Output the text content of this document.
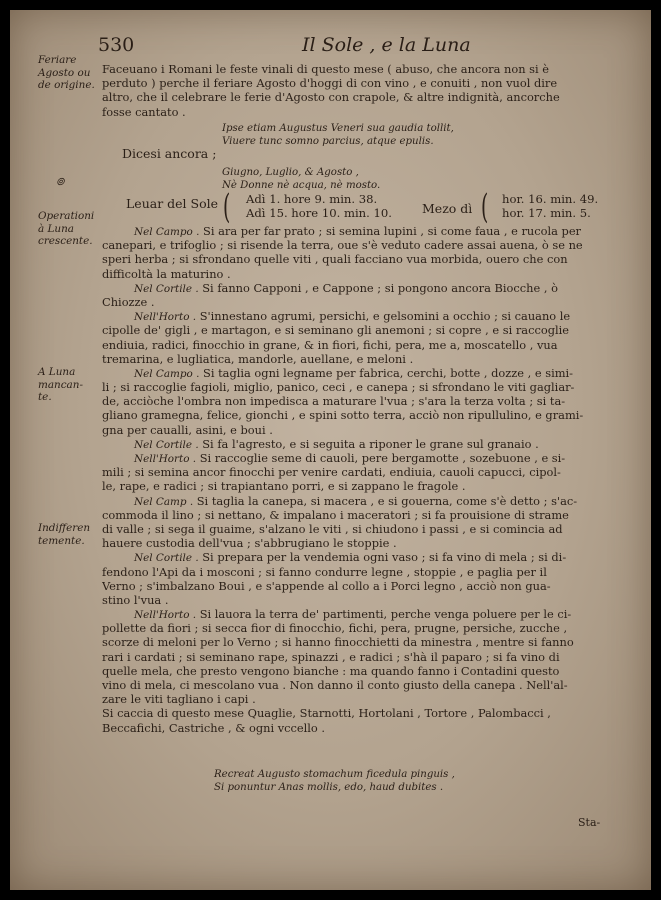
530	Il Sole , e la Luna
Feriare
Agosto ou
de origine.
๏
Operationi
à Luna
crescente.
A Luna
mancan-
te.
Indifferen
temente.
Faceuano i Romani le feste vinali di questo mese ( abuso, che ancora non si è
perduto ) perche il feriare Agosto d'hoggi di con vino , e conuiti , non vuol dire
altro, che il celebrare le ferie d'Agosto con crapole, & altre indignità, ancorche
fosse cantato .
Ipse etiam Augustus Veneri sua gaudia tollit,
Viuere tunc somno parcius, atque epulis.
Dicesi ancora ;
Giugno, Luglio, & Agosto ,
Nè Donne nè acqua, nè mosto.
Leuar del Sole ( Adì 1. hore 9. min. 38.
Adì 15. hore 10. min. 10. Mezo dì ( hor. 16. min. 49.
hor. 17. min. 5.
Nel Campo . Si ara per far prato ; si semina lupini , si come faua , e rucola per
canepari, e trifoglio ; si risende la terra, oue s'è veduto cadere assai auena, ò se ne
speri herba ; si sfrondano quelle viti , quali facciano vua morbida, ouero che con
difficoltà la maturino .
Nel Cortile . Si fanno Capponi , e Cappone ; si pongono ancora Biocche , ò
Chiozze .
Nell'Horto . S'innestano agrumi, persichi, e gelsomini a occhio ; si cauano le
cipolle de' gigli , e martagon, e si seminano gli anemoni ; si copre , e si raccoglie
endiuia, radici, finocchio in grane, & in fiori, fichi, pera, me a, moscatello , vua
tremarina, e lugliatica, mandorle, auellane, e meloni .
Nel Campo . Si taglia ogni legname per fabrica, cerchi, botte , dozze , e simi-
li ; si raccoglie fagioli, miglio, panico, ceci , e canepa ; si sfrondano le viti gagliar-
de, acciòche l'ombra non impedisca a maturare l'vua ; s'ara la terza volta ; si ta-
gliano gramegna, felice, gionchi , e spini sotto terra, acciò non ripullulino, e grami-
gna per caualli, asini, e boui .
Nel Cortile . Si fa l'agresto, e si seguita a riponer le grane sul granaio .
Nell'Horto . Si raccoglie seme di cauoli, pere bergamotte , sozebuone , e si-
mili ; si semina ancor finocchi per venire cardati, endiuia, cauoli capucci, cipol-
le, rape, e radici ; si trapiantano porri, e si zappano le fragole .
Nel Camp . Si taglia la canepa, si macera , e si gouerna, come s'è detto ; s'ac-
commoda il lino ; si nettano, & impalano i maceratori ; si fa prouisione di strame
di valle ; si sega il guaime, s'alzano le viti , si chiudono i passi , e si comincia ad
hauere custodia dell'vua ; s'abbrugiano le stoppie .
Nel Cortile . Si prepara per la vendemia ogni vaso ; si fa vino di mela ; si di-
fendono l'Api da i mosconi ; si fanno condurre legne , stoppie , e paglia per il
Verno ; s'imbalzano Boui , e s'appende al collo a i Porci legno , acciò non gua-
stino l'vua .
Nell'Horto . Si lauora la terra de' partimenti, perche venga poluere per le ci-
pollette da fiori ; si secca fior di finocchio, fichi, pera, prugne, persiche, zucche ,
scorze di meloni per lo Verno ; si hanno finocchietti da minestra , mentre si fanno
rari i cardati ; si seminano rape, spinazzi , e radici ; s'hà il paparo ; si fa vino di
quelle mela, che presto vengono bianche : ma quando fanno i Contadini questo
vino di mela, ci mescolano vua . Non danno il conto giusto della canepa . Nell'al-
zare le viti tagliano i capi .
Si caccia di questo mese Quaglie, Starnotti, Hortolani , Tortore , Palombacci ,
Beccafichi, Castriche , & ogni vccello .
Recreat Augusto stomachum ficedula pinguis ,
Si ponuntur Anas mollis, edo, haud dubites .
Sta-
